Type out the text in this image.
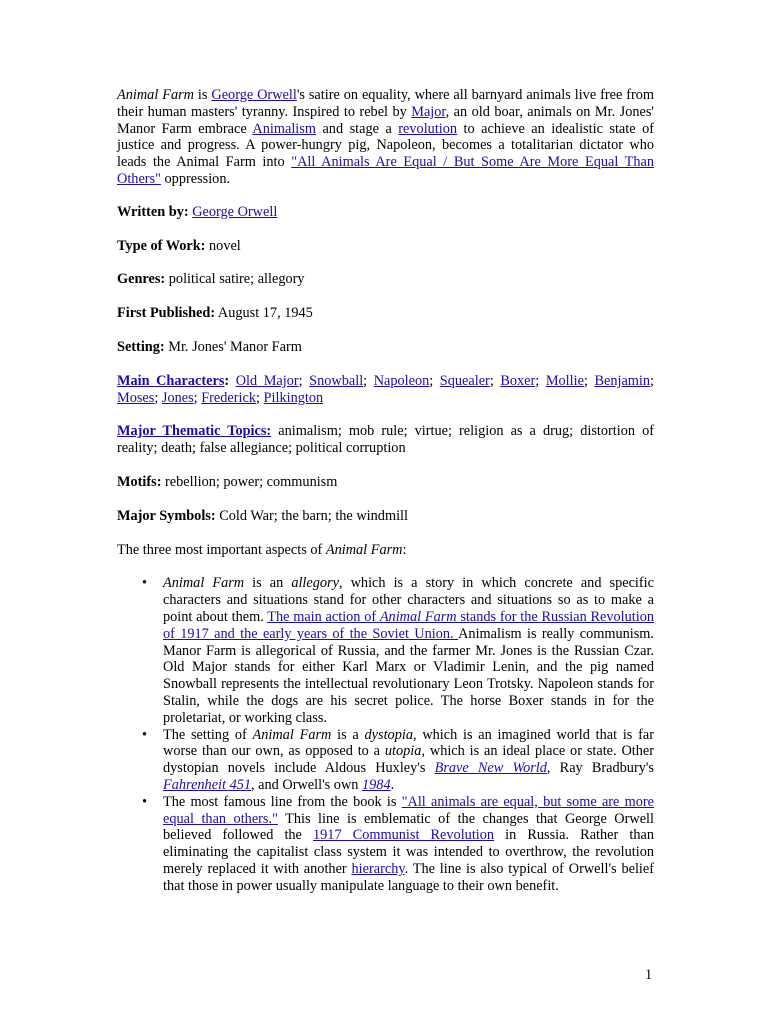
Animal Farm is George Orwell's satire on equality, where all barnyard animals live free from their human masters' tyranny. Inspired to rebel by Major, an old boar, animals on Mr. Jones' Manor Farm embrace Animalism and stage a revolution to achieve an idealistic state of justice and progress. A power-hungry pig, Napoleon, becomes a totalitarian dictator who leads the Animal Farm into "All Animals Are Equal / But Some Are More Equal Than Others" oppression.

Written by: George Orwell

Type of Work: novel

Genres: political satire; allegory

First Published: August 17, 1945

Setting: Mr. Jones' Manor Farm

Main Characters: Old Major; Snowball; Napoleon; Squealer; Boxer; Mollie; Benjamin; Moses; Jones; Frederick; Pilkington

Major Thematic Topics: animalism; mob rule; virtue; religion as a drug; distortion of reality; death; false allegiance; political corruption

Motifs: rebellion; power; communism

Major Symbols: Cold War; the barn; the windmill

The three most important aspects of Animal Farm:

• Animal Farm is an allegory, which is a story in which concrete and specific characters and situations stand for other characters and situations so as to make a point about them. The main action of Animal Farm stands for the Russian Revolution of 1917 and the early years of the Soviet Union. Animalism is really communism. Manor Farm is allegorical of Russia, and the farmer Mr. Jones is the Russian Czar. Old Major stands for either Karl Marx or Vladimir Lenin, and the pig named Snowball represents the intellectual revolutionary Leon Trotsky. Napoleon stands for Stalin, while the dogs are his secret police. The horse Boxer stands in for the proletariat, or working class.
• The setting of Animal Farm is a dystopia, which is an imagined world that is far worse than our own, as opposed to a utopia, which is an ideal place or state. Other dystopian novels include Aldous Huxley's Brave New World, Ray Bradbury's Fahrenheit 451, and Orwell's own 1984.
• The most famous line from the book is "All animals are equal, but some are more equal than others." This line is emblematic of the changes that George Orwell believed followed the 1917 Communist Revolution in Russia. Rather than eliminating the capitalist class system it was intended to overthrow, the revolution merely replaced it with another hierarchy. The line is also typical of Orwell's belief that those in power usually manipulate language to their own benefit.
1
